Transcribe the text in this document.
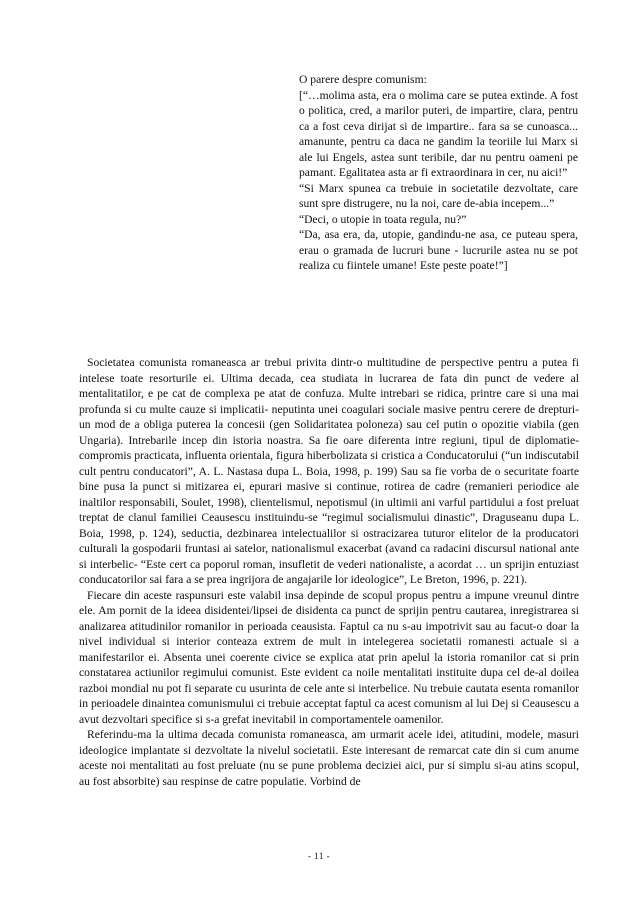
O parere despre comunism:
[“…molima asta, era o molima care se putea extinde. A fost o politica, cred, a marilor puteri, de impartire, clara, pentru ca a fost ceva dirijat si de impartire.. fara sa se cunoasca... amanunte, pentru ca daca ne gandim la teoriile lui Marx si ale lui Engels, astea sunt teribile, dar nu pentru oameni pe pamant. Egalitatea asta ar fi extraordinara in cer, nu aici!”
“Si Marx spunea ca trebuie in societatile dezvoltate, care sunt spre distrugere, nu la noi, care de-abia incepem...”
“Deci, o utopie in toata regula, nu?”
“Da, asa era, da, utopie, gandindu-ne asa, ce puteau spera, erau o gramada de lucruri bune - lucrurile astea nu se pot realiza cu fiintele umane! Este peste poate!”]

Societatea comunista romaneasca ar trebui privita dintr-o multitudine de perspective pentru a putea fi intelese toate resorturile ei. Ultima decada, cea studiata in lucrarea de fata din punct de vedere al mentalitatilor, e pe cat de complexa pe atat de confuza. Multe intrebari se ridica, printre care si una mai profunda si cu multe cauze si implicatii- neputinta unei coagulari sociale masive pentru cerere de drepturi- un mod de a obliga puterea la concesii (gen Solidaritatea poloneza) sau cel putin o opozitie viabila (gen Ungaria). Intrebarile incep din istoria noastra. Sa fie oare diferenta intre regiuni, tipul de diplomatie-compromis practicata, influenta orientala, figura hiberbolizata si cristica a Conducatorului (“un indiscutabil cult pentru conducatori”, A. L. Nastasa dupa L. Boia, 1998, p. 199) Sau sa fie vorba de o securitate foarte bine pusa la punct si mitizarea ei, epurari masive si continue, rotirea de cadre (remanieri periodice ale inaltilor responsabili, Soulet, 1998), clientelismul, nepotismul (in ultimii ani varful partidului a fost preluat treptat de clanul familiei Ceausescu instituindu-se “regimul socialismului dinastic”, Draguseanu dupa L. Boia, 1998, p. 124), seductia, dezbinarea intelectualilor si ostracizarea tuturor elitelor de la producatori culturali la gospodarii fruntasi ai satelor, nationalismul exacerbat (avand ca radacini discursul national ante si interbelic- “Este cert ca poporul roman, insufletit de vederi nationaliste, a acordat … un sprijin entuziast conducatorilor sai fara a se prea ingrijora de angajarile lor ideologice”, Le Breton, 1996, p. 221).

Fiecare din aceste raspunsuri este valabil insa depinde de scopul propus pentru a impune vreunul dintre ele. Am pornit de la ideea disidentei/lipsei de disidenta ca punct de sprijin pentru cautarea, inregistrarea si analizarea atitudinilor romanilor in perioada ceausista. Faptul ca nu s-au impotrivit sau au facut-o doar la nivel individual si interior conteaza extrem de mult in intelegerea societatii romanesti actuale si a manifestarilor ei. Absenta unei coerente civice se explica atat prin apelul la istoria romanilor cat si prin constatarea actiunilor regimului comunist. Este evident ca noile mentalitati instituite dupa cel de-al doilea razboi mondial nu pot fi separate cu usurinta de cele ante si interbelice. Nu trebuie cautata esenta romanilor in perioadele dinaintea comunismului ci trebuie acceptat faptul ca acest comunism al lui Dej si Ceausescu a avut dezvoltari specifice si s-a grefat inevitabil in comportamentele oamenilor.

Referindu-ma la ultima decada comunista romaneasca, am urmarit acele idei, atitudini, modele, masuri ideologice implantate si dezvoltate la nivelul societatii. Este interesant de remarcat cate din si cum anume aceste noi mentalitati au fost preluate (nu se pune problema deciziei aici, pur si simplu si-au atins scopul, au fost absorbite) sau respinse de catre populatie. Vorbind de

- 11 -
